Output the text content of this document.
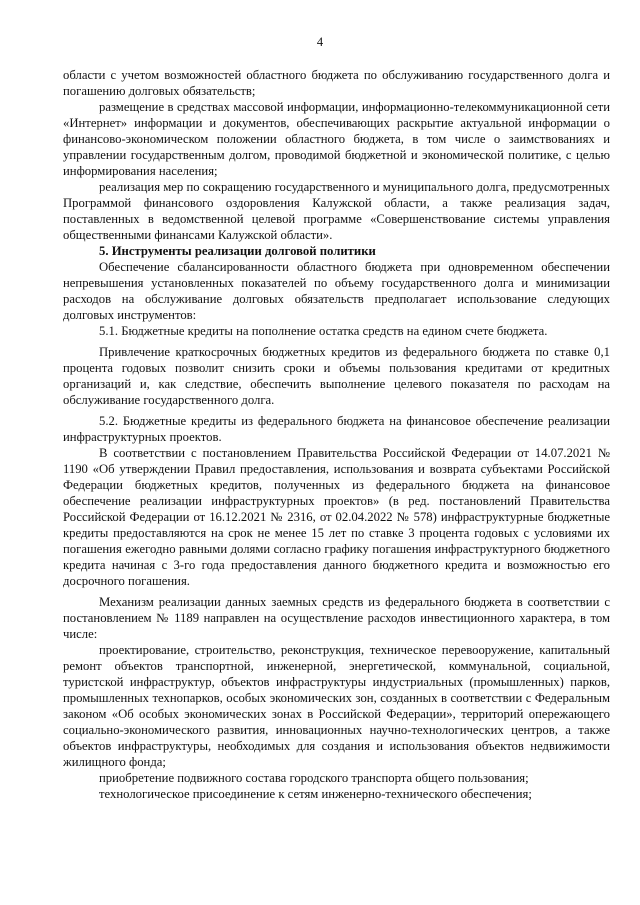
4

области с учетом возможностей областного бюджета по обслуживанию государственного долга и погашению долговых обязательств;

размещение в средствах массовой информации, информационно-телекоммуникационной сети «Интернет» информации и документов, обеспечивающих раскрытие актуальной информации о финансово-экономическом положении областного бюджета, в том числе о заимствованиях и управлении государственным долгом, проводимой бюджетной и экономической политике, с целью информирования населения;

реализация мер по сокращению государственного и муниципального долга, предусмотренных Программой финансового оздоровления Калужской области, а также реализация задач, поставленных в ведомственной целевой программе «Совершенствование системы управления общественными финансами Калужской области».

5. Инструменты реализации долговой политики

Обеспечение сбалансированности областного бюджета при одновременном обеспечении непревышения установленных показателей по объему государственного долга и минимизации расходов на обслуживание долговых обязательств предполагает использование следующих долговых инструментов:

5.1. Бюджетные кредиты на пополнение остатка средств на едином счете бюджета.

Привлечение краткосрочных бюджетных кредитов из федерального бюджета по ставке 0,1 процента годовых позволит снизить сроки и объемы пользования кредитами от кредитных организаций и, как следствие, обеспечить выполнение целевого показателя по расходам на обслуживание государственного долга.

5.2. Бюджетные кредиты из федерального бюджета на финансовое обеспечение реализации инфраструктурных проектов.

В соответствии с постановлением Правительства Российской Федерации от 14.07.2021 № 1190 «Об утверждении Правил предоставления, использования и возврата субъектами Российской Федерации бюджетных кредитов, полученных из федерального бюджета на финансовое обеспечение реализации инфраструктурных проектов» (в ред. постановлений Правительства Российской Федерации от 16.12.2021 № 2316, от 02.04.2022 № 578) инфраструктурные бюджетные кредиты предоставляются на срок не менее 15 лет по ставке 3 процента годовых с условиями их погашения ежегодно равными долями согласно графику погашения инфраструктурного бюджетного кредита начиная с 3-го года предоставления данного бюджетного кредита и возможностью его досрочного погашения.

Механизм реализации данных заемных средств из федерального бюджета в соответствии с постановлением № 1189 направлен на осуществление расходов инвестиционного характера, в том числе:

проектирование, строительство, реконструкция, техническое перевооружение, капитальный ремонт объектов транспортной, инженерной, энергетической, коммунальной, социальной, туристской инфраструктур, объектов инфраструктуры индустриальных (промышленных) парков, промышленных технопарков, особых экономических зон, созданных в соответствии с Федеральным законом «Об особых экономических зонах в Российской Федерации», территорий опережающего социально-экономического развития, инновационных научно-технологических центров, а также объектов инфраструктуры, необходимых для создания и использования объектов недвижимости жилищного фонда;

приобретение подвижного состава городского транспорта общего пользования;

технологическое присоединение к сетям инженерно-технического обеспечения;
